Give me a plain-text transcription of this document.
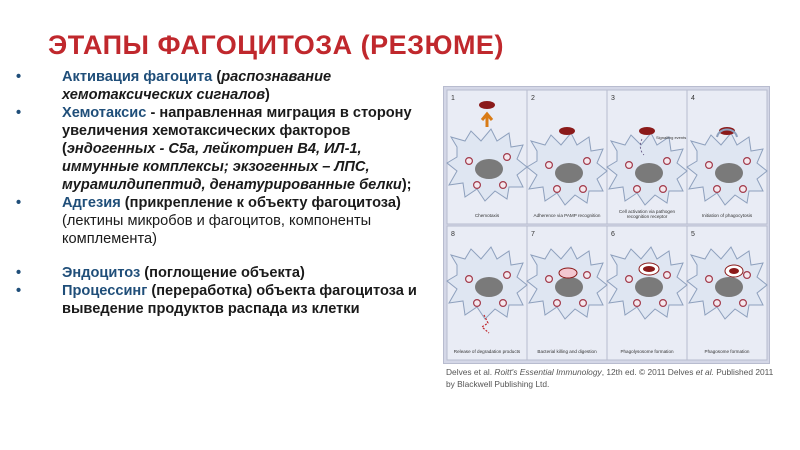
ЭТАПЫ ФАГОЦИТОЗА (РЕЗЮМЕ)
•	Активация фагоцита (распознавание хемотаксических сигналов)
•	Хемотаксис - направленная миграция в сторону увеличения хемотаксических факторов (эндогенных - С5а, лейкотриен В4, ИЛ-1, иммунные комплексы; экзогенных – ЛПС, мурамилдипептид, денатурированные белки);
•	Адгезия (прикрепление к объекту фагоцитоза) (лектины микробов и фагоцитов, компоненты комплемента)
•	Эндоцитоз (поглощение объекта)
•	Процессинг (переработка) объекта фагоцитоза и выведение продуктов распада из клетки
1	2	3	4
8	7	6	5
Signalling events
Chemotaxis	Adherence via PAMP recognition
Cell activation via pathogen recognition receptor	Initiation of phagocytosis
Release of degradation products	Bacterial killing and digestion	Phagolysosome formation	Phagosome formation
Delves et al. Roitt's Essential Immunology, 12th ed. © 2011 Delves et al. Published 2011 by Blackwell Publishing Ltd.
